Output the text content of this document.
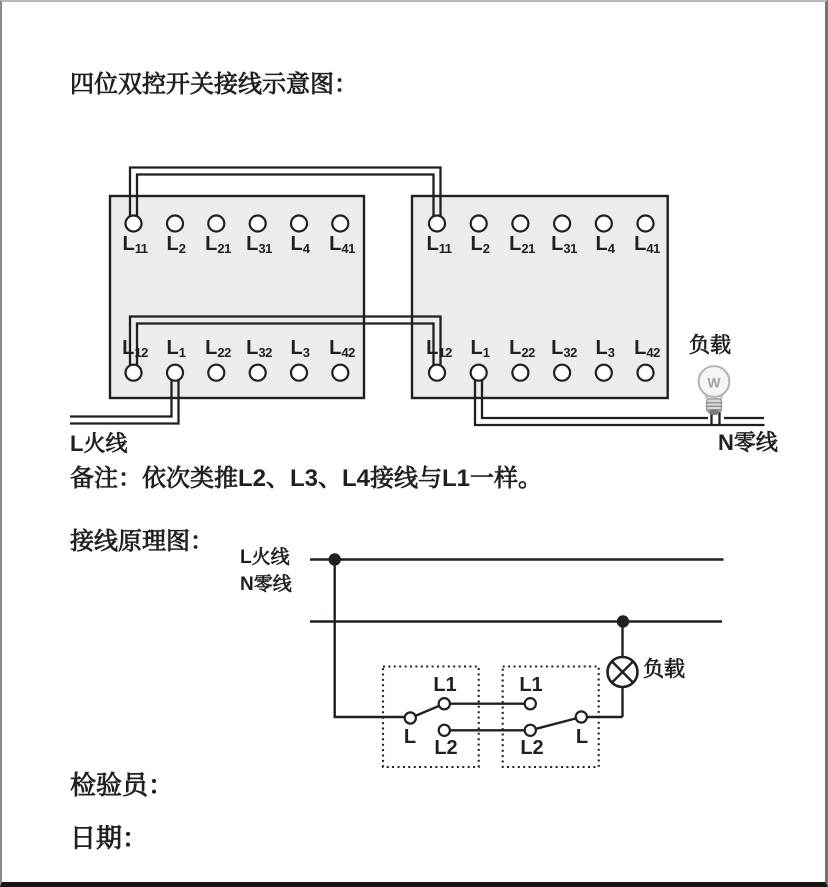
W
四位双控开关接线示意图：
L11 L2 L21 L31 L4 L41	L11 L2 L21 L31 L4 L41
L12 L1 L22 L32 L3 L42	L12 L1 L22 L32 L3 L42 负载
L火线	N零线
备注：依次类推L2、L3、L4接线与L1一样。
接线原理图：
L火线
N零线
负载
L1
L L2
L1
L2 L
检验员：
日期：
